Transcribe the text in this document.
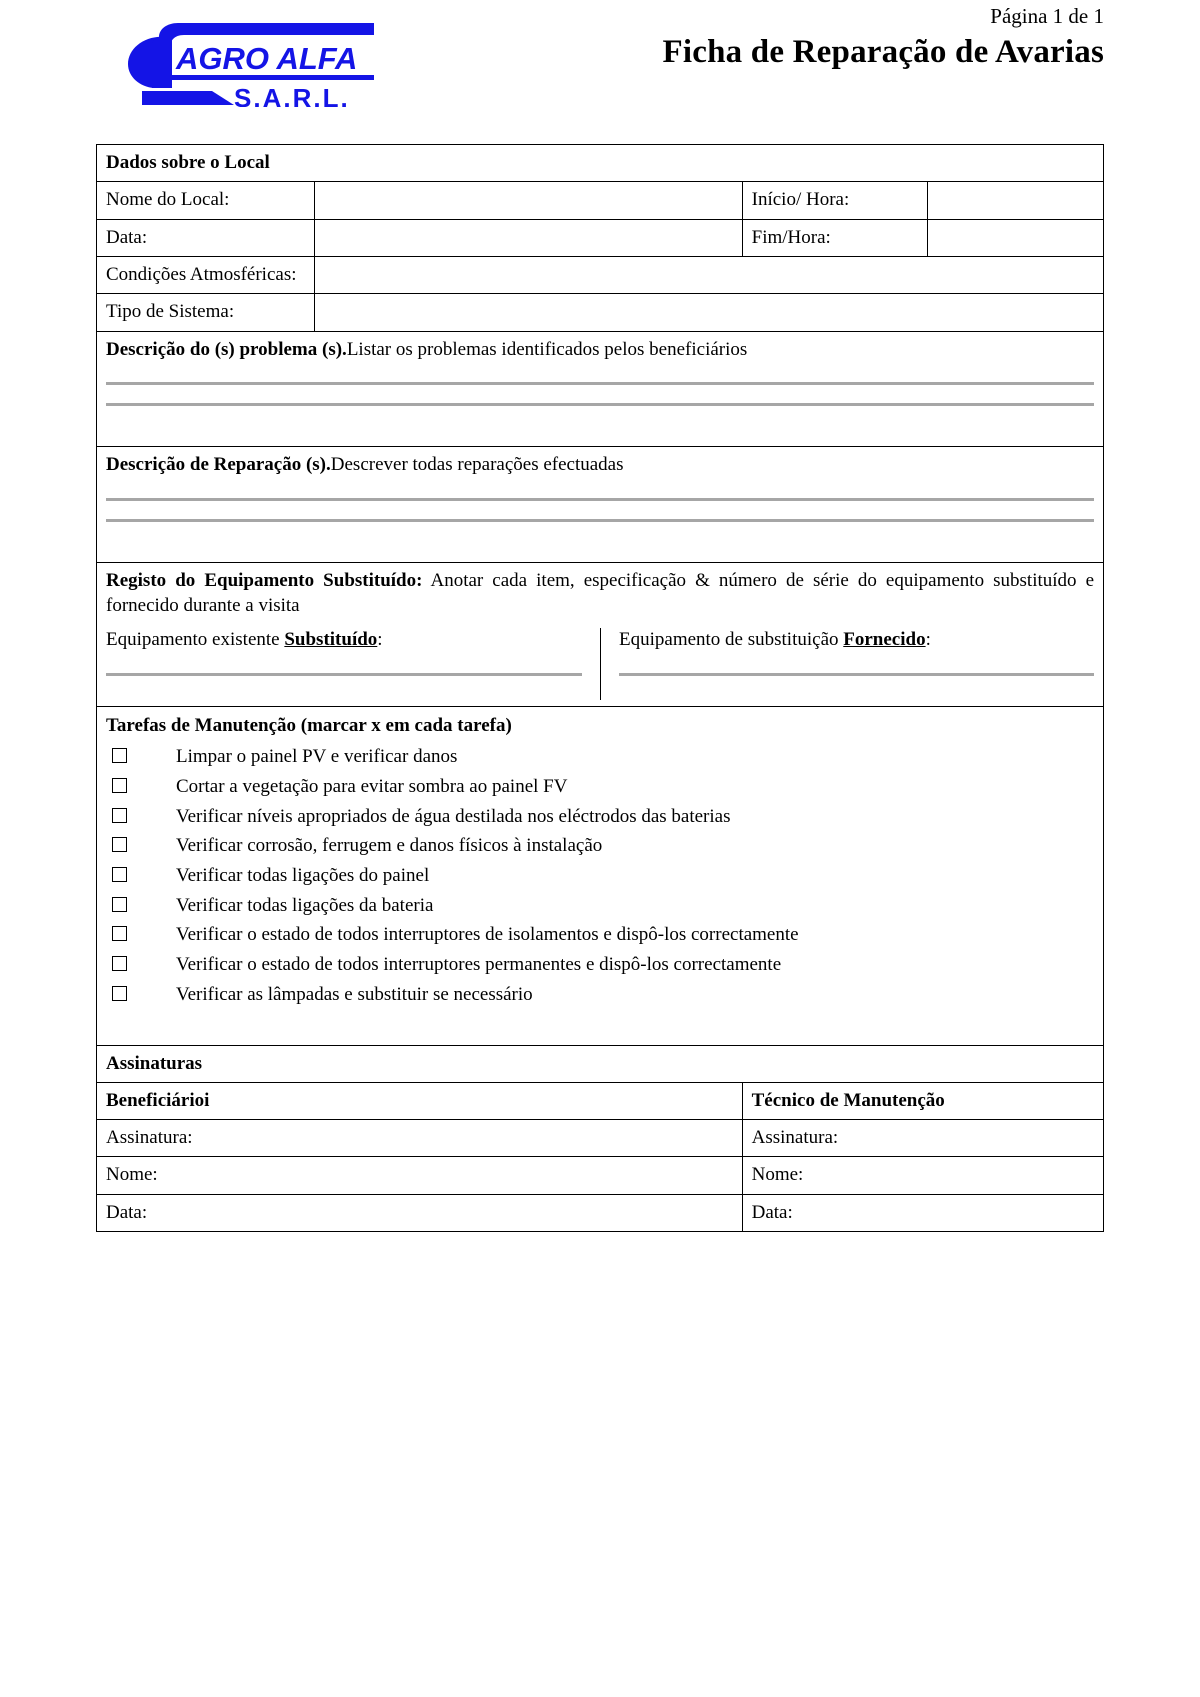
AGRO ALFA
S.A.R.L.
Página 1 de 1
Ficha de Reparação de Avarias
Dados sobre o Local			
Nome do Local:		Início/ Hora:	
Data:		Fim/Hora:	
Condições Atmosféricas:			
Tipo de Sistema:			

Descrição do (s) problema (s).Listar os problemas identificados pelos beneficiários			

Descrição de Reparação (s).Descrever todas reparações efectuadas			

Registo do Equipamento Substituído: Anotar cada item, especificação & número de série do equipamento substituído e fornecido durante a visita
Equipamento existente Substituído: Equipamento de substituição Fornecido:			

Tarefas de Manutenção (marcar x em cada tarefa)
Limpar o painel PV e verificar danos
Cortar a vegetação para evitar sombra ao painel FV
Verificar níveis apropriados de água destilada nos eléctrodos das baterias
Verificar corrosão, ferrugem e danos físicos à instalação
Verificar todas ligações do painel
Verificar todas ligações da bateria
Verificar o estado de todos interruptores de isolamentos e dispô-los correctamente
Verificar o estado de todos interruptores permanentes e dispô-los correctamente
Verificar as lâmpadas e substituir se necessário

Assinaturas			
Beneficiárioi		Técnico de Manutenção	
Assinatura:		Assinatura:	
Nome:		Nome:	
Data:		Data:	
